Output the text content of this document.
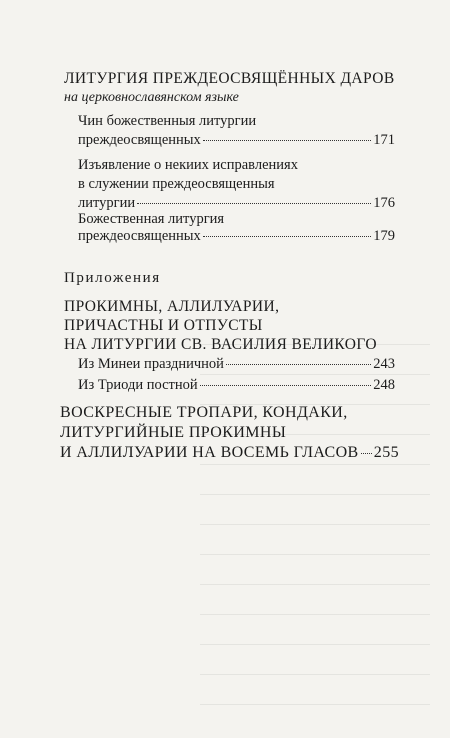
ЛИТУРГИЯ ПРЕЖДЕОСВЯЩЁННЫХ ДАРОВ
на церковнославянском языке
Чин божественныя литургии
преждеосвященных	171
Изъявление о некиих исправлениях
в служении преждеосвященныя
литургии	176
Божественная литургия
преждеосвященных	179
Приложения
ПРОКИМНЫ, АЛЛИЛУАРИИ,
ПРИЧАСТНЫ И ОТПУСТЫ
НА ЛИТУРГИИ СВ. ВАСИЛИЯ ВЕЛИКОГО
Из Минеи праздничной	243
Из Триоди постной	248
ВОСКРЕСНЫЕ ТРОПАРИ, КОНДАКИ,
ЛИТУРГИЙНЫЕ ПРОКИМНЫ
И АЛЛИЛУАРИИ НА ВОСЕМЬ ГЛАСОВ 255
